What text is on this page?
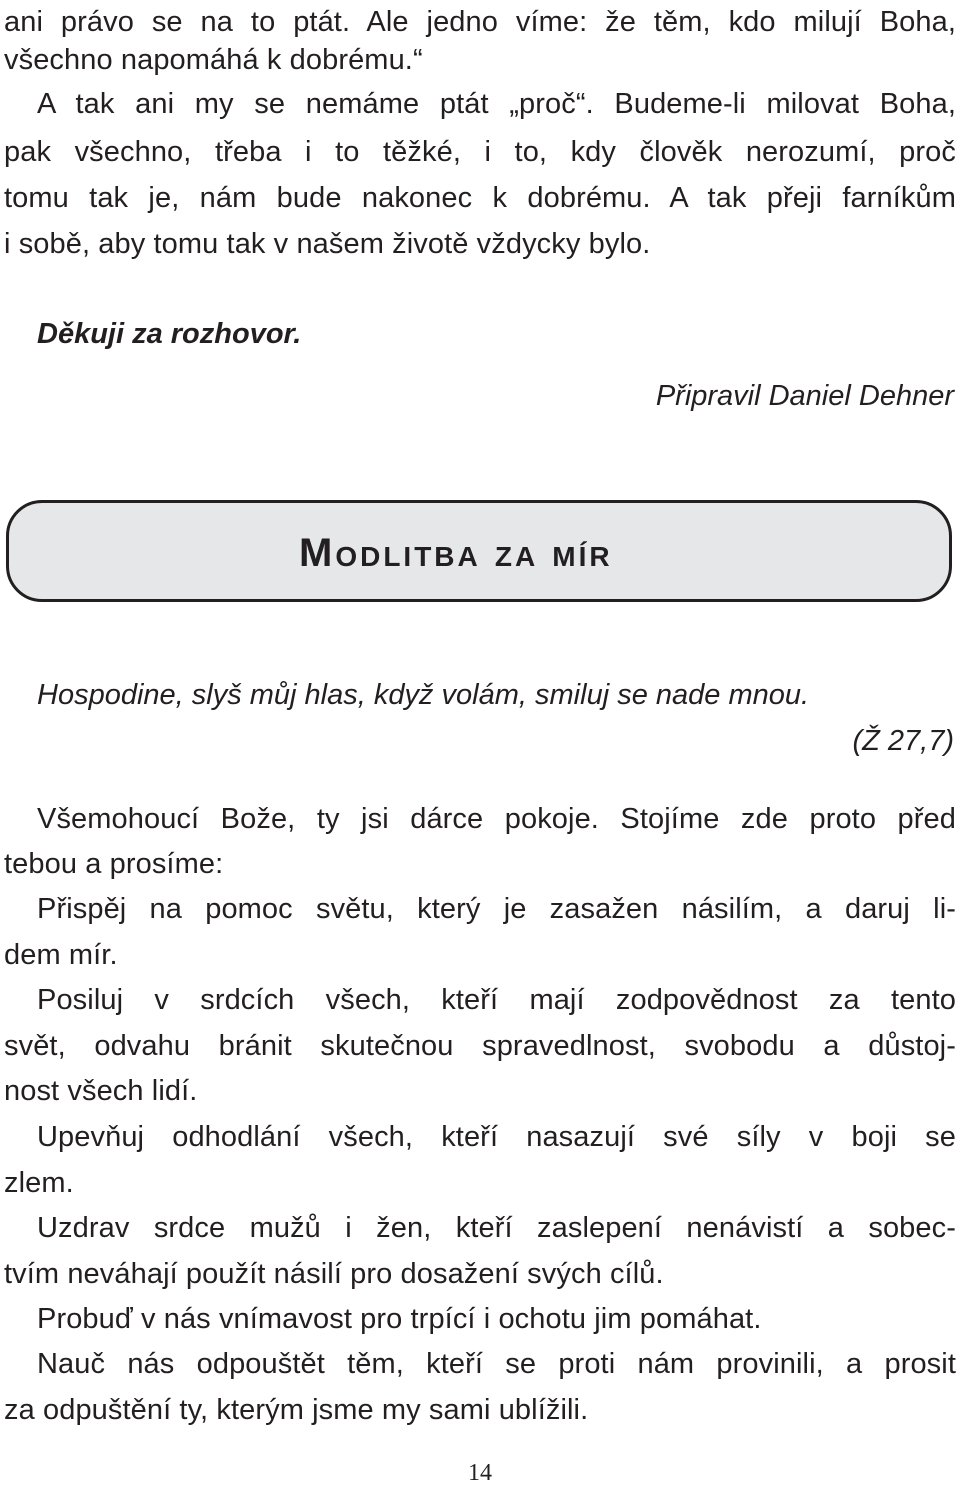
ani právo se na to ptát. Ale jedno víme: že těm, kdo milují Boha,
všechno napomáhá k dobrému.“
A tak ani my se nemáme ptát „proč“. Budeme-li milovat Boha,
pak všechno, třeba i to těžké, i to, kdy člověk nerozumí, proč
tomu tak je, nám bude nakonec k dobrému. A tak přeji farníkům
i sobě, aby tomu tak v našem životě vždycky bylo.
Děkuji za rozhovor.
Připravil Daniel Dehner
Modlitba za mír
Hospodine, slyš můj hlas, když volám, smiluj se nade mnou.
(Ž 27,7)
Všemohoucí Bože, ty jsi dárce pokoje. Stojíme zde proto před
tebou a prosíme:
Přispěj na pomoc světu, který je zasažen násilím, a daruj li-
dem mír.
Posiluj v srdcích všech, kteří mají zodpovědnost za tento
svět, odvahu bránit skutečnou spravedlnost, svobodu a důstoj-
nost všech lidí.
Upevňuj odhodlání všech, kteří nasazují své síly v boji se
zlem.
Uzdrav srdce mužů i žen, kteří zaslepení nenávistí a sobec-
tvím neváhají použít násilí pro dosažení svých cílů.
Probuď v nás vnímavost pro trpící i ochotu jim pomáhat.
Nauč nás odpouštět těm, kteří se proti nám provinili, a prosit
za odpuštění ty, kterým jsme my sami ublížili.
14
